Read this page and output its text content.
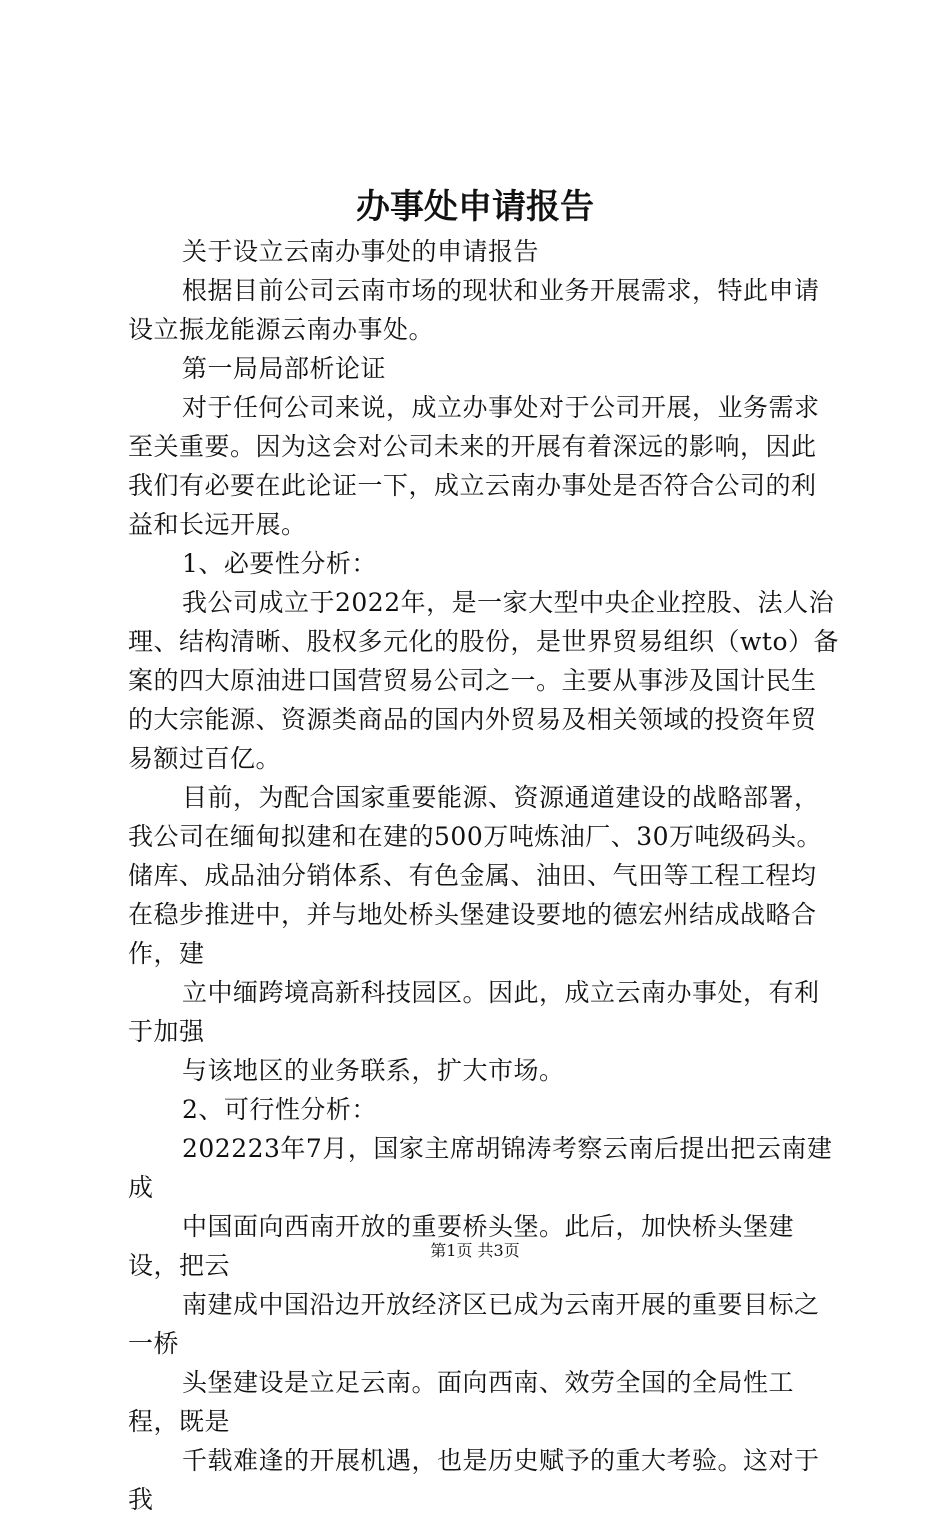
办事处申请报告

关于设立云南办事处的申请报告

根据目前公司云南市场的现状和业务开展需求，特此申请设立振龙能源云南办事处。

第一局局部析论证

对于任何公司来说，成立办事处对于公司开展，业务需求至关重要。因为这会对公司未来的开展有着深远的影响，因此我们有必要在此论证一下，成立云南办事处是否符合公司的利益和长远开展。

1、必要性分析：

我公司成立于2022年，是一家大型中央企业控股、法人治理、结构清晰、股权多元化的股份，是世界贸易组织（wto）备案的四大原油进口国营贸易公司之一。主要从事涉及国计民生的大宗能源、资源类商品的国内外贸易及相关领域的投资年贸易额过百亿。

目前，为配合国家重要能源、资源通道建设的战略部署，我公司在缅甸拟建和在建的500万吨炼油厂、30万吨级码头。储库、成品油分销体系、有色金属、油田、气田等工程工程均在稳步推进中，并与地处桥头堡建设要地的德宏州结成战略合作，建

立中缅跨境高新科技园区。因此，成立云南办事处，有利于加强

与该地区的业务联系，扩大市场。

2、可行性分析：

202223年7月，国家主席胡锦涛考察云南后提出把云南建成

中国面向西南开放的重要桥头堡。此后，加快桥头堡建设，把云

南建成中国沿边开放经济区已成为云南开展的重要目标之一桥

头堡建设是立足云南。面向西南、效劳全国的全局性工程，既是

千载难逢的开展机遇，也是历史赋予的重大考验。这对于我

第1页 共3页
